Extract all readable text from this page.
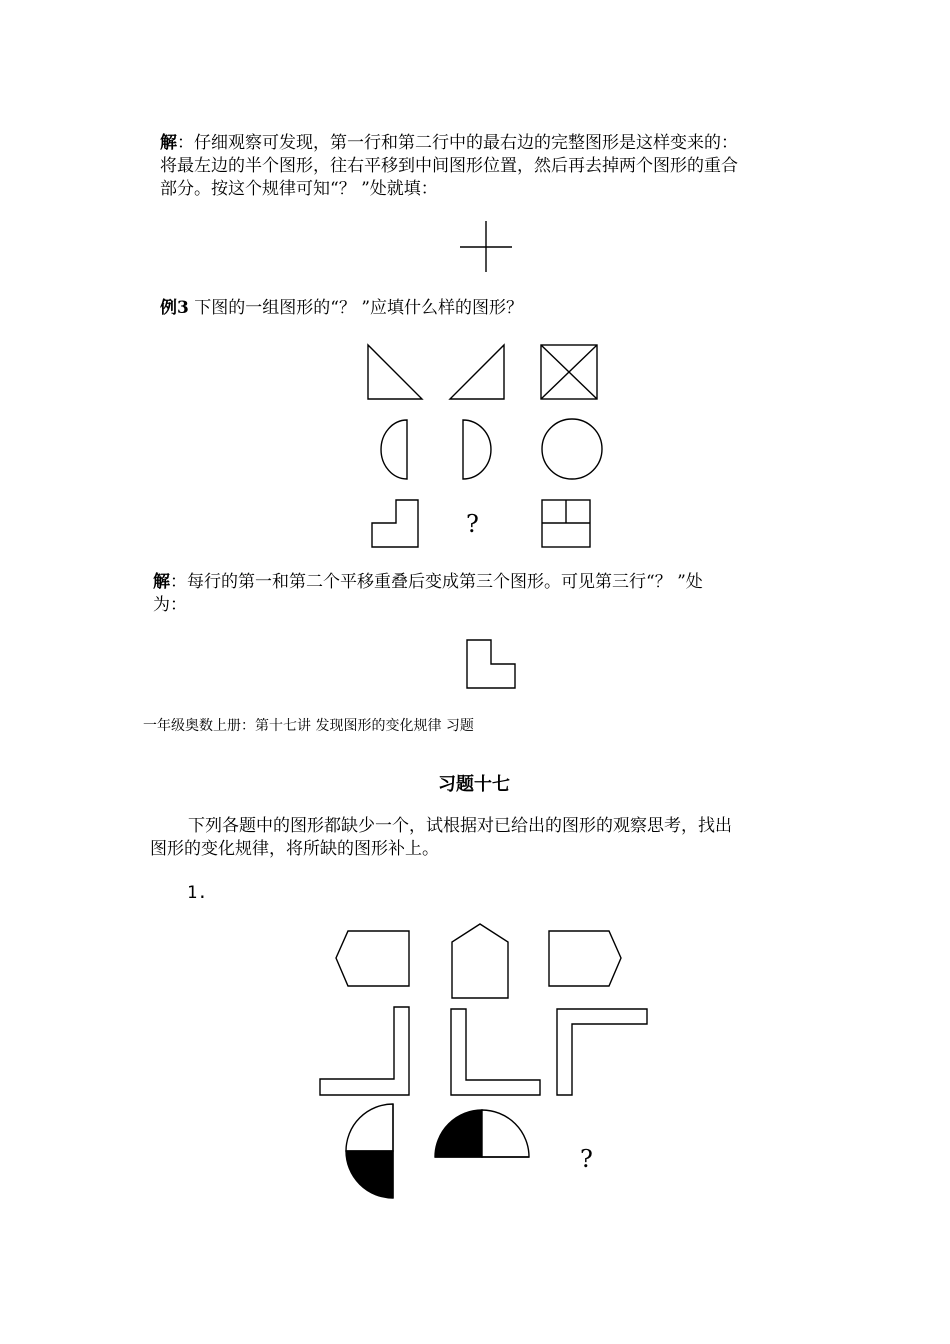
解：仔细观察可发现，第一行和第二行中的最右边的完整图形是这样变来的：
将最左边的半个图形，往右平移到中间图形位置，然后再去掉两个图形的重合
部分。按这个规律可知“？ ”处就填：
例3 下图的一组图形的“？ ”应填什么样的图形？
?
解：每行的第一和第二个平移重叠后变成第三个图形。可见第三行“？ ”处
为：
一年级奥数上册：第十七讲 发现图形的变化规律 习题
习题十七
下列各题中的图形都缺少一个，试根据对已给出的图形的观察思考，找出
图形的变化规律，将所缺的图形补上。
1.
?
